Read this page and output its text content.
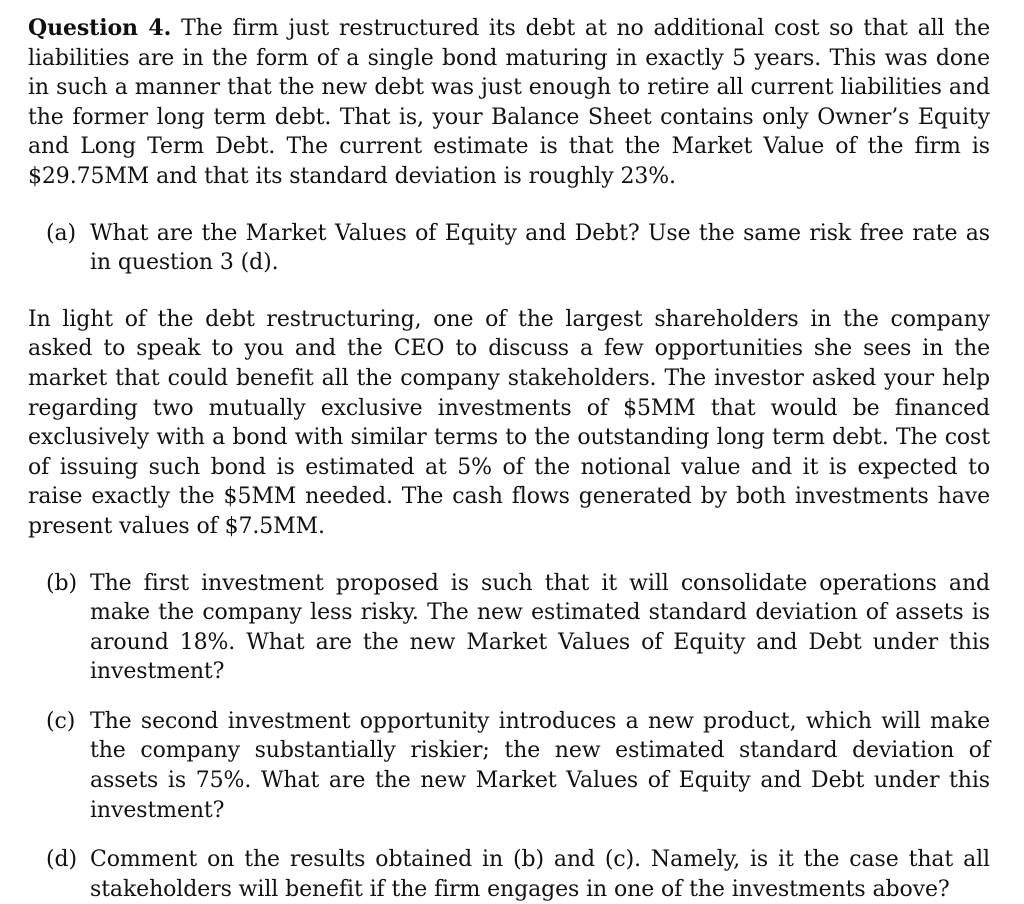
Question 4. The firm just restructured its debt at no additional cost so that all the liabilities are in the form of a single bond maturing in exactly 5 years. This was done in such a manner that the new debt was just enough to retire all current liabilities and the former long term debt. That is, your Balance Sheet contains only Owner’s Equity and Long Term Debt. The current estimate is that the Market Value of the firm is $29.75MM and that its standard deviation is roughly 23%.

(a) What are the Market Values of Equity and Debt? Use the same risk free rate as in question 3 (d).

In light of the debt restructuring, one of the largest shareholders in the company asked to speak to you and the CEO to discuss a few opportunities she sees in the market that could benefit all the company stakeholders. The investor asked your help regarding two mutually exclusive investments of $5MM that would be financed exclusively with a bond with similar terms to the outstanding long term debt. The cost of issuing such bond is estimated at 5% of the notional value and it is expected to raise exactly the $5MM needed. The cash flows generated by both investments have present values of $7.5MM.

(b) The first investment proposed is such that it will consolidate operations and make the company less risky. The new estimated standard deviation of assets is around 18%. What are the new Market Values of Equity and Debt under this investment?

(c) The second investment opportunity introduces a new product, which will make the company substantially riskier; the new estimated standard deviation of assets is 75%. What are the new Market Values of Equity and Debt under this investment?

(d) Comment on the results obtained in (b) and (c). Namely, is it the case that all stakeholders will benefit if the firm engages in one of the investments above?
